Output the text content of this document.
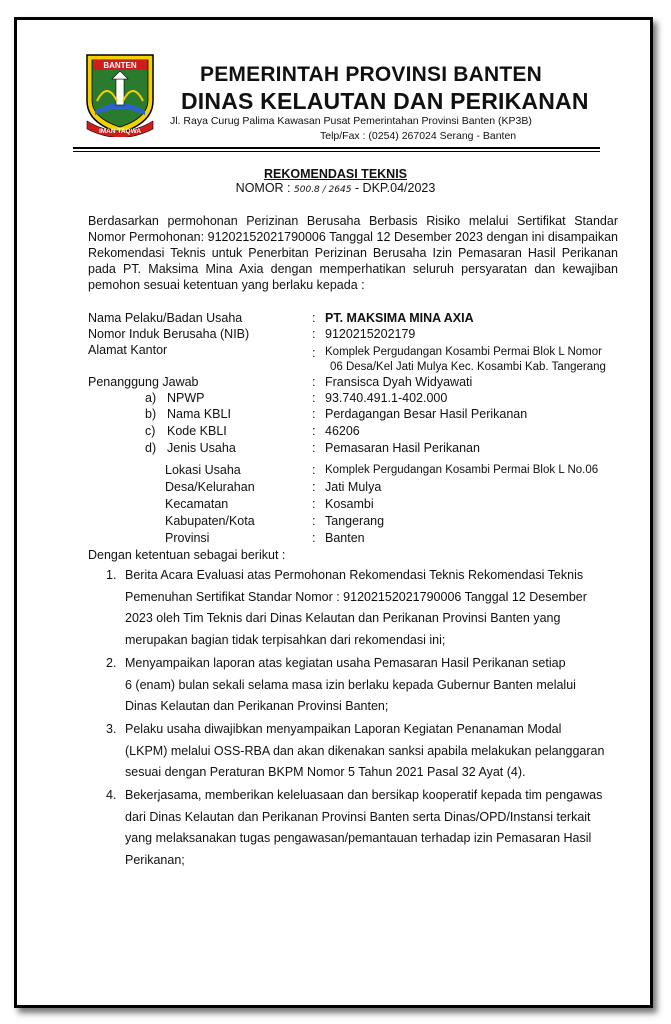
BANTEN
IMAN TAQWA
PEMERINTAH PROVINSI BANTEN
DINAS KELAUTAN DAN PERIKANAN
Jl. Raya Curug Palima Kawasan Pusat Pemerintahan Provinsi Banten (KP3B)
Telp/Fax : (0254) 267024 Serang - Banten
REKOMENDASI TEKNIS
NOMOR : 500.8 / 2645 - DKP.04/2023
Berdasarkan permohonan Perizinan Berusaha Berbasis Risiko melalui Sertifikat Standar Nomor Permohonan: 91202152021790006 Tanggal 12 Desember 2023 dengan ini disampaikan Rekomendasi Teknis untuk Penerbitan Perizinan Berusaha Izin Pemasaran Hasil Perikanan pada PT. Maksima Mina Axia dengan memperhatikan seluruh persyaratan dan kewajiban pemohon sesuai ketentuan yang berlaku kepada :
Nama Pelaku/Badan Usaha	: PT. MAKSIMA MINA AXIA
Nomor Induk Berusaha (NIB)	: 9120215202179
Alamat Kantor	: Komplek Pergudangan Kosambi Permai Blok L Nomor
06 Desa/Kel Jati Mulya Kec. Kosambi Kab. Tangerang
Penanggung Jawab	: Fransisca Dyah Widyawati
a) NPWP	: 93.740.491.1-402.000
b) Nama KBLI	: Perdagangan Besar Hasil Perikanan
c) Kode KBLI	: 46206
d) Jenis Usaha	: Pemasaran Hasil Perikanan
Lokasi Usaha	: Komplek Pergudangan Kosambi Permai Blok L No.06
Desa/Kelurahan	: Jati Mulya
Kecamatan	: Kosambi
Kabupaten/Kota	: Tangerang
Provinsi	: Banten
Dengan ketentuan sebagai berikut :
1. Berita Acara Evaluasi atas Permohonan Rekomendasi Teknis Rekomendasi Teknis
Pemenuhan Sertifikat Standar Nomor : 91202152021790006 Tanggal 12 Desember
2023 oleh Tim Teknis dari Dinas Kelautan dan Perikanan Provinsi Banten yang
merupakan bagian tidak terpisahkan dari rekomendasi ini;
2. Menyampaikan laporan atas kegiatan usaha Pemasaran Hasil Perikanan setiap
6 (enam) bulan sekali selama masa izin berlaku kepada Gubernur Banten melalui
Dinas Kelautan dan Perikanan Provinsi Banten;
3. Pelaku usaha diwajibkan menyampaikan Laporan Kegiatan Penanaman Modal
(LKPM) melalui OSS-RBA dan akan dikenakan sanksi apabila melakukan pelanggaran
sesuai dengan Peraturan BKPM Nomor 5 Tahun 2021 Pasal 32 Ayat (4).
4. Bekerjasama, memberikan keleluasaan dan bersikap kooperatif kepada tim pengawas
dari Dinas Kelautan dan Perikanan Provinsi Banten serta Dinas/OPD/Instansi terkait
yang melaksanakan tugas pengawasan/pemantauan terhadap izin Pemasaran Hasil
Perikanan;
